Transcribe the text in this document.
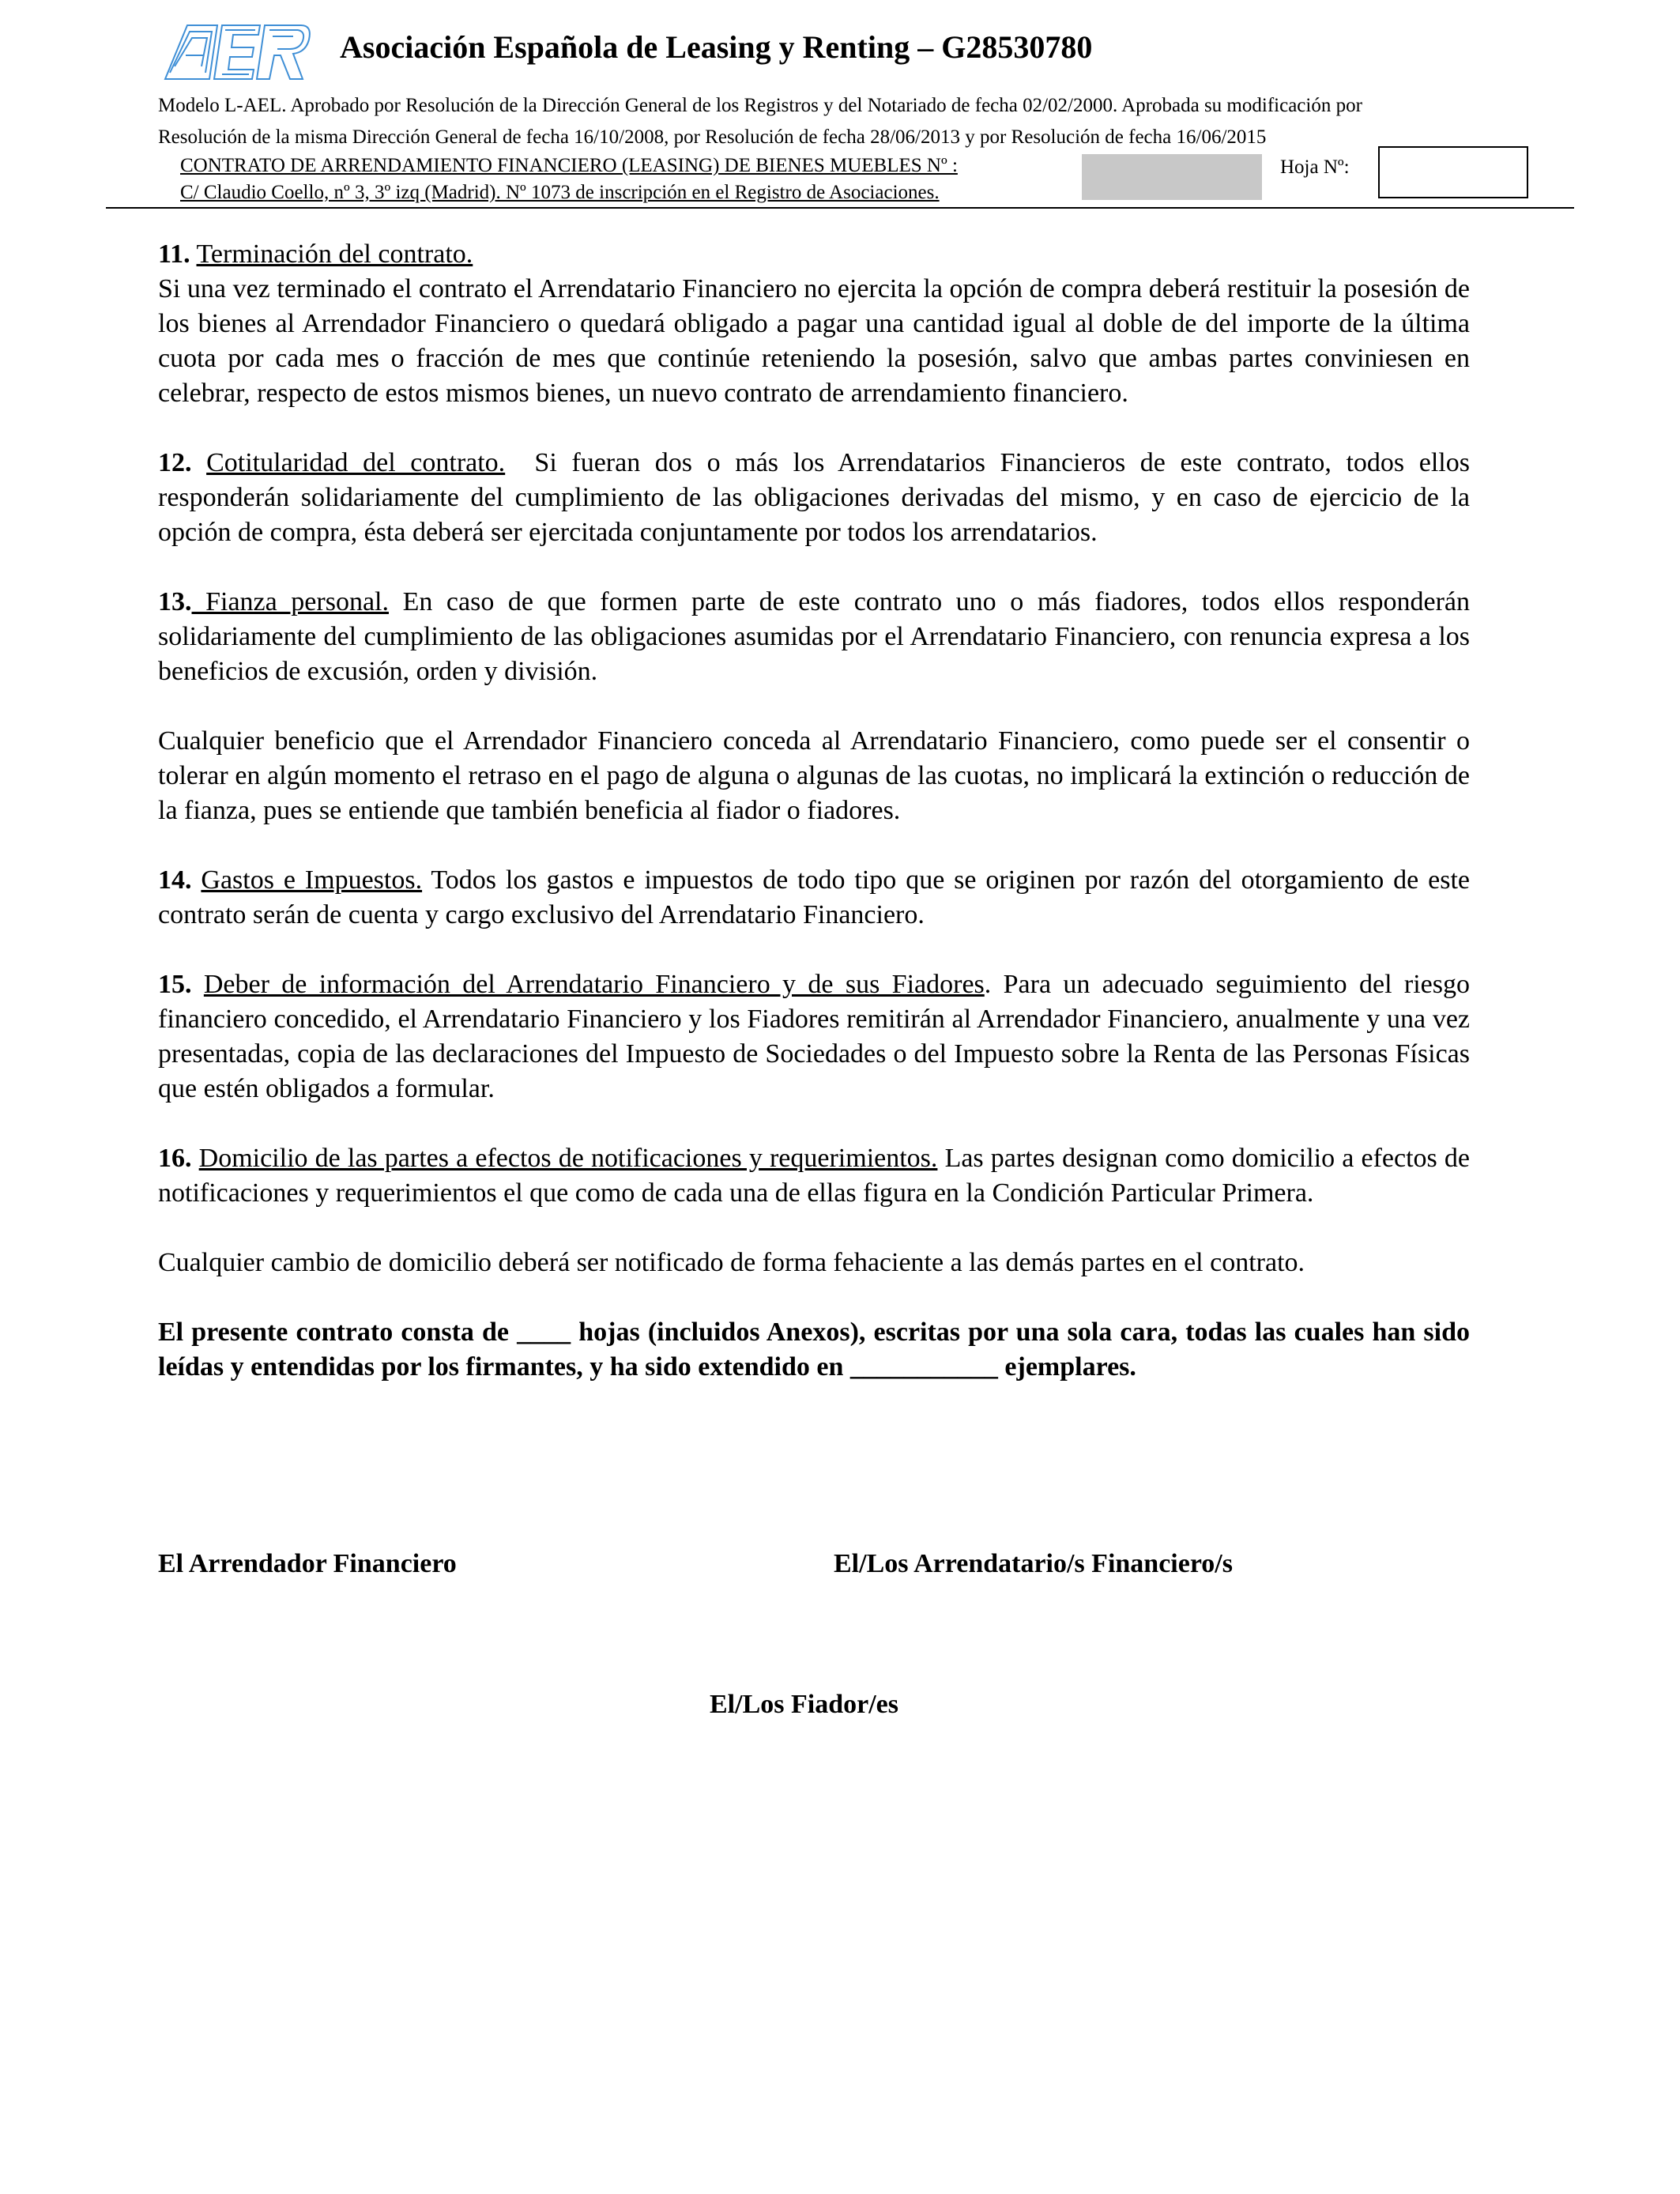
Asociación Española de Leasing y Renting – G28530780
Modelo L-AEL. Aprobado por Resolución de la Dirección General de los Registros y del Notariado de fecha 02/02/2000. Aprobada su modificación por
Resolución de la misma Dirección General de fecha 16/10/2008, por Resolución de fecha 28/06/2013 y por Resolución de fecha 16/06/2015
CONTRATO DE ARRENDAMIENTO FINANCIERO (LEASING) DE BIENES MUEBLES Nº :	Hoja Nº:
C/ Claudio Coello, nº 3, 3º izq (Madrid). Nº 1073 de inscripción en el Registro de Asociaciones.

11. Terminación del contrato.
Si una vez terminado el contrato el Arrendatario Financiero no ejercita la opción de compra deberá restituir la posesión de los bienes al Arrendador Financiero o quedará obligado a pagar una cantidad igual al doble de del importe de la última cuota por cada mes o fracción de mes que continúe reteniendo la posesión, salvo que ambas partes conviniesen en celebrar, respecto de estos mismos bienes, un nuevo contrato de arrendamiento financiero.

12. Cotitularidad del contrato. Si fueran dos o más los Arrendatarios Financieros de este contrato, todos ellos responderán solidariamente del cumplimiento de las obligaciones derivadas del mismo, y en caso de ejercicio de la opción de compra, ésta deberá ser ejercitada conjuntamente por todos los arrendatarios.

13. Fianza personal. En caso de que formen parte de este contrato uno o más fiadores, todos ellos responderán solidariamente del cumplimiento de las obligaciones asumidas por el Arrendatario Financiero, con renuncia expresa a los beneficios de excusión, orden y división.

Cualquier beneficio que el Arrendador Financiero conceda al Arrendatario Financiero, como puede ser el consentir o tolerar en algún momento el retraso en el pago de alguna o algunas de las cuotas, no implicará la extinción o reducción de la fianza, pues se entiende que también beneficia al fiador o fiadores.

14. Gastos e Impuestos. Todos los gastos e impuestos de todo tipo que se originen por razón del otorgamiento de este contrato serán de cuenta y cargo exclusivo del Arrendatario Financiero.

15. Deber de información del Arrendatario Financiero y de sus Fiadores. Para un adecuado seguimiento del riesgo financiero concedido, el Arrendatario Financiero y los Fiadores remitirán al Arrendador Financiero, anualmente y una vez presentadas, copia de las declaraciones del Impuesto de Sociedades o del Impuesto sobre la Renta de las Personas Físicas que estén obligados a formular.

16. Domicilio de las partes a efectos de notificaciones y requerimientos. Las partes designan como domicilio a efectos de notificaciones y requerimientos el que como de cada una de ellas figura en la Condición Particular Primera.

Cualquier cambio de domicilio deberá ser notificado de forma fehaciente a las demás partes en el contrato.

El presente contrato consta de ____ hojas (incluidos Anexos), escritas por una sola cara, todas las cuales han sido leídas y entendidas por los firmantes, y ha sido extendido en ___________ ejemplares.

El Arrendador Financiero	El/Los Arrendatario/s Financiero/s
El/Los Fiador/es
